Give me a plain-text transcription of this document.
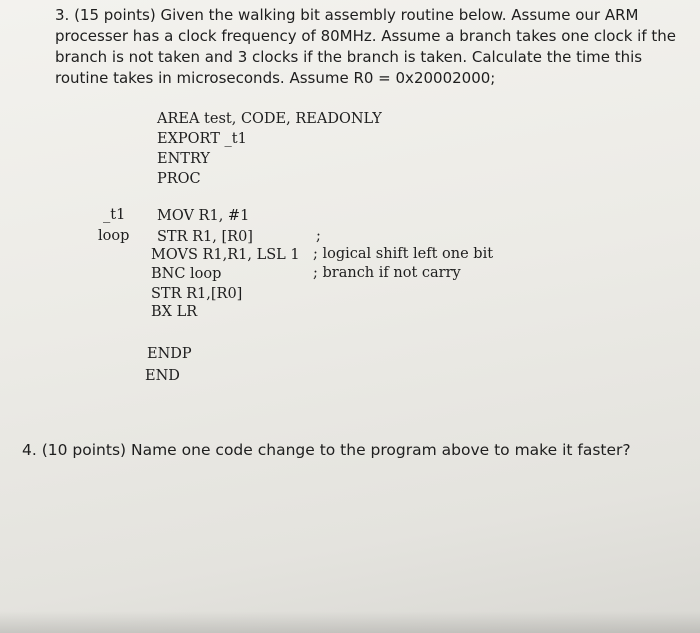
3. (15 points) Given the walking bit assembly routine below. Assume our ARM
processer has a clock frequency of 80MHz. Assume a branch takes one clock if the
branch is not taken and 3 clocks if the branch is taken. Calculate the time this
routine takes in microseconds. Assume R0 = 0x20002000;
AREA test, CODE, READONLY
EXPORT _t1
ENTRY
PROC
_t1
loop
MOV R1, #1
STR R1, [R0]
MOVS R1,R1, LSL 1
BNC loop
STR R1,[R0]
BX LR
;
; logical shift left one bit
; branch if not carry
ENDP
END
4. (10 points) Name one code change to the program above to make it faster?
